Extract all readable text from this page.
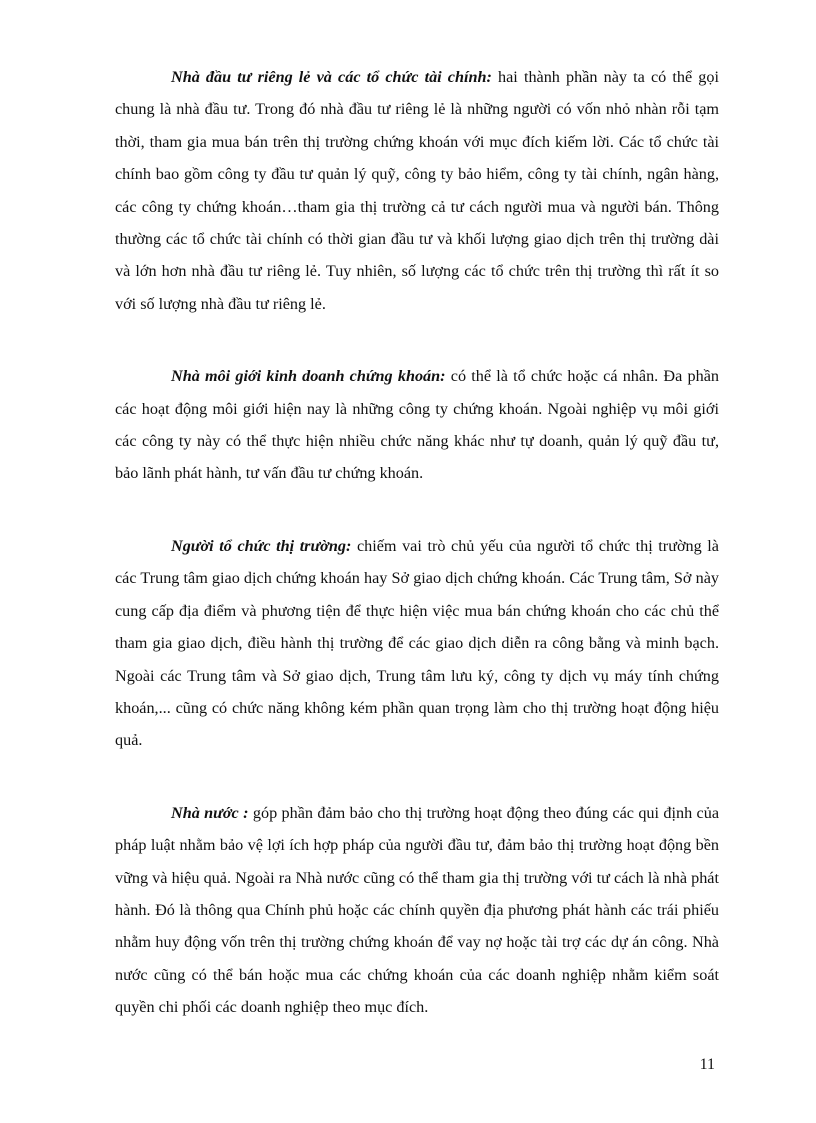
Nhà đầu tư riêng lẻ và các tổ chức tài chính: hai thành phần này ta có thể gọi chung là nhà đầu tư. Trong đó nhà đầu tư riêng lẻ là những người có vốn nhỏ nhàn rỗi tạm thời, tham gia mua bán trên thị trường chứng khoán với mục đích kiếm lời. Các tổ chức tài chính bao gồm công ty đầu tư quản lý quỹ, công ty bảo hiểm, công ty tài chính, ngân hàng, các công ty chứng khoán…tham gia thị trường cả tư cách người mua và người bán. Thông thường các tổ chức tài chính có thời gian đầu tư và khối lượng giao dịch trên thị trường dài và lớn hơn nhà đầu tư riêng lẻ. Tuy nhiên, số lượng các tổ chức trên thị trường thì rất ít so với số lượng nhà đầu tư riêng lẻ.

Nhà môi giới kinh doanh chứng khoán: có thể là tổ chức hoặc cá nhân. Đa phần các hoạt động môi giới hiện nay là những công ty chứng khoán. Ngoài nghiệp vụ môi giới các công ty này có thể thực hiện nhiều chức năng khác như tự doanh, quản lý quỹ đầu tư, bảo lãnh phát hành, tư vấn đầu tư chứng khoán.

Người tổ chức thị trường: chiếm vai trò chủ yếu của người tổ chức thị trường là các Trung tâm giao dịch chứng khoán hay Sở giao dịch chứng khoán. Các Trung tâm, Sở này cung cấp địa điểm và phương tiện để thực hiện việc mua bán chứng khoán cho các chủ thể tham gia giao dịch, điều hành thị trường để các giao dịch diễn ra công bằng và minh bạch. Ngoài các Trung tâm và Sở giao dịch, Trung tâm lưu ký, công ty dịch vụ máy tính chứng khoán,... cũng có chức năng không kém phần quan trọng làm cho thị trường hoạt động hiệu quả.

Nhà nước : góp phần đảm bảo cho thị trường hoạt động theo đúng các qui định của pháp luật nhằm bảo vệ lợi ích hợp pháp của người đầu tư, đảm bảo thị trường hoạt động bền vững và hiệu quả. Ngoài ra Nhà nước cũng có thể tham gia thị trường với tư cách là nhà phát hành. Đó là thông qua Chính phủ hoặc các chính quyền địa phương phát hành các trái phiếu nhằm huy động vốn trên thị trường chứng khoán để vay nợ hoặc tài trợ các dự án công. Nhà nước cũng có thể bán hoặc mua các chứng khoán của các doanh nghiệp nhằm kiểm soát quyền chi phối các doanh nghiệp theo mục đích.

11
